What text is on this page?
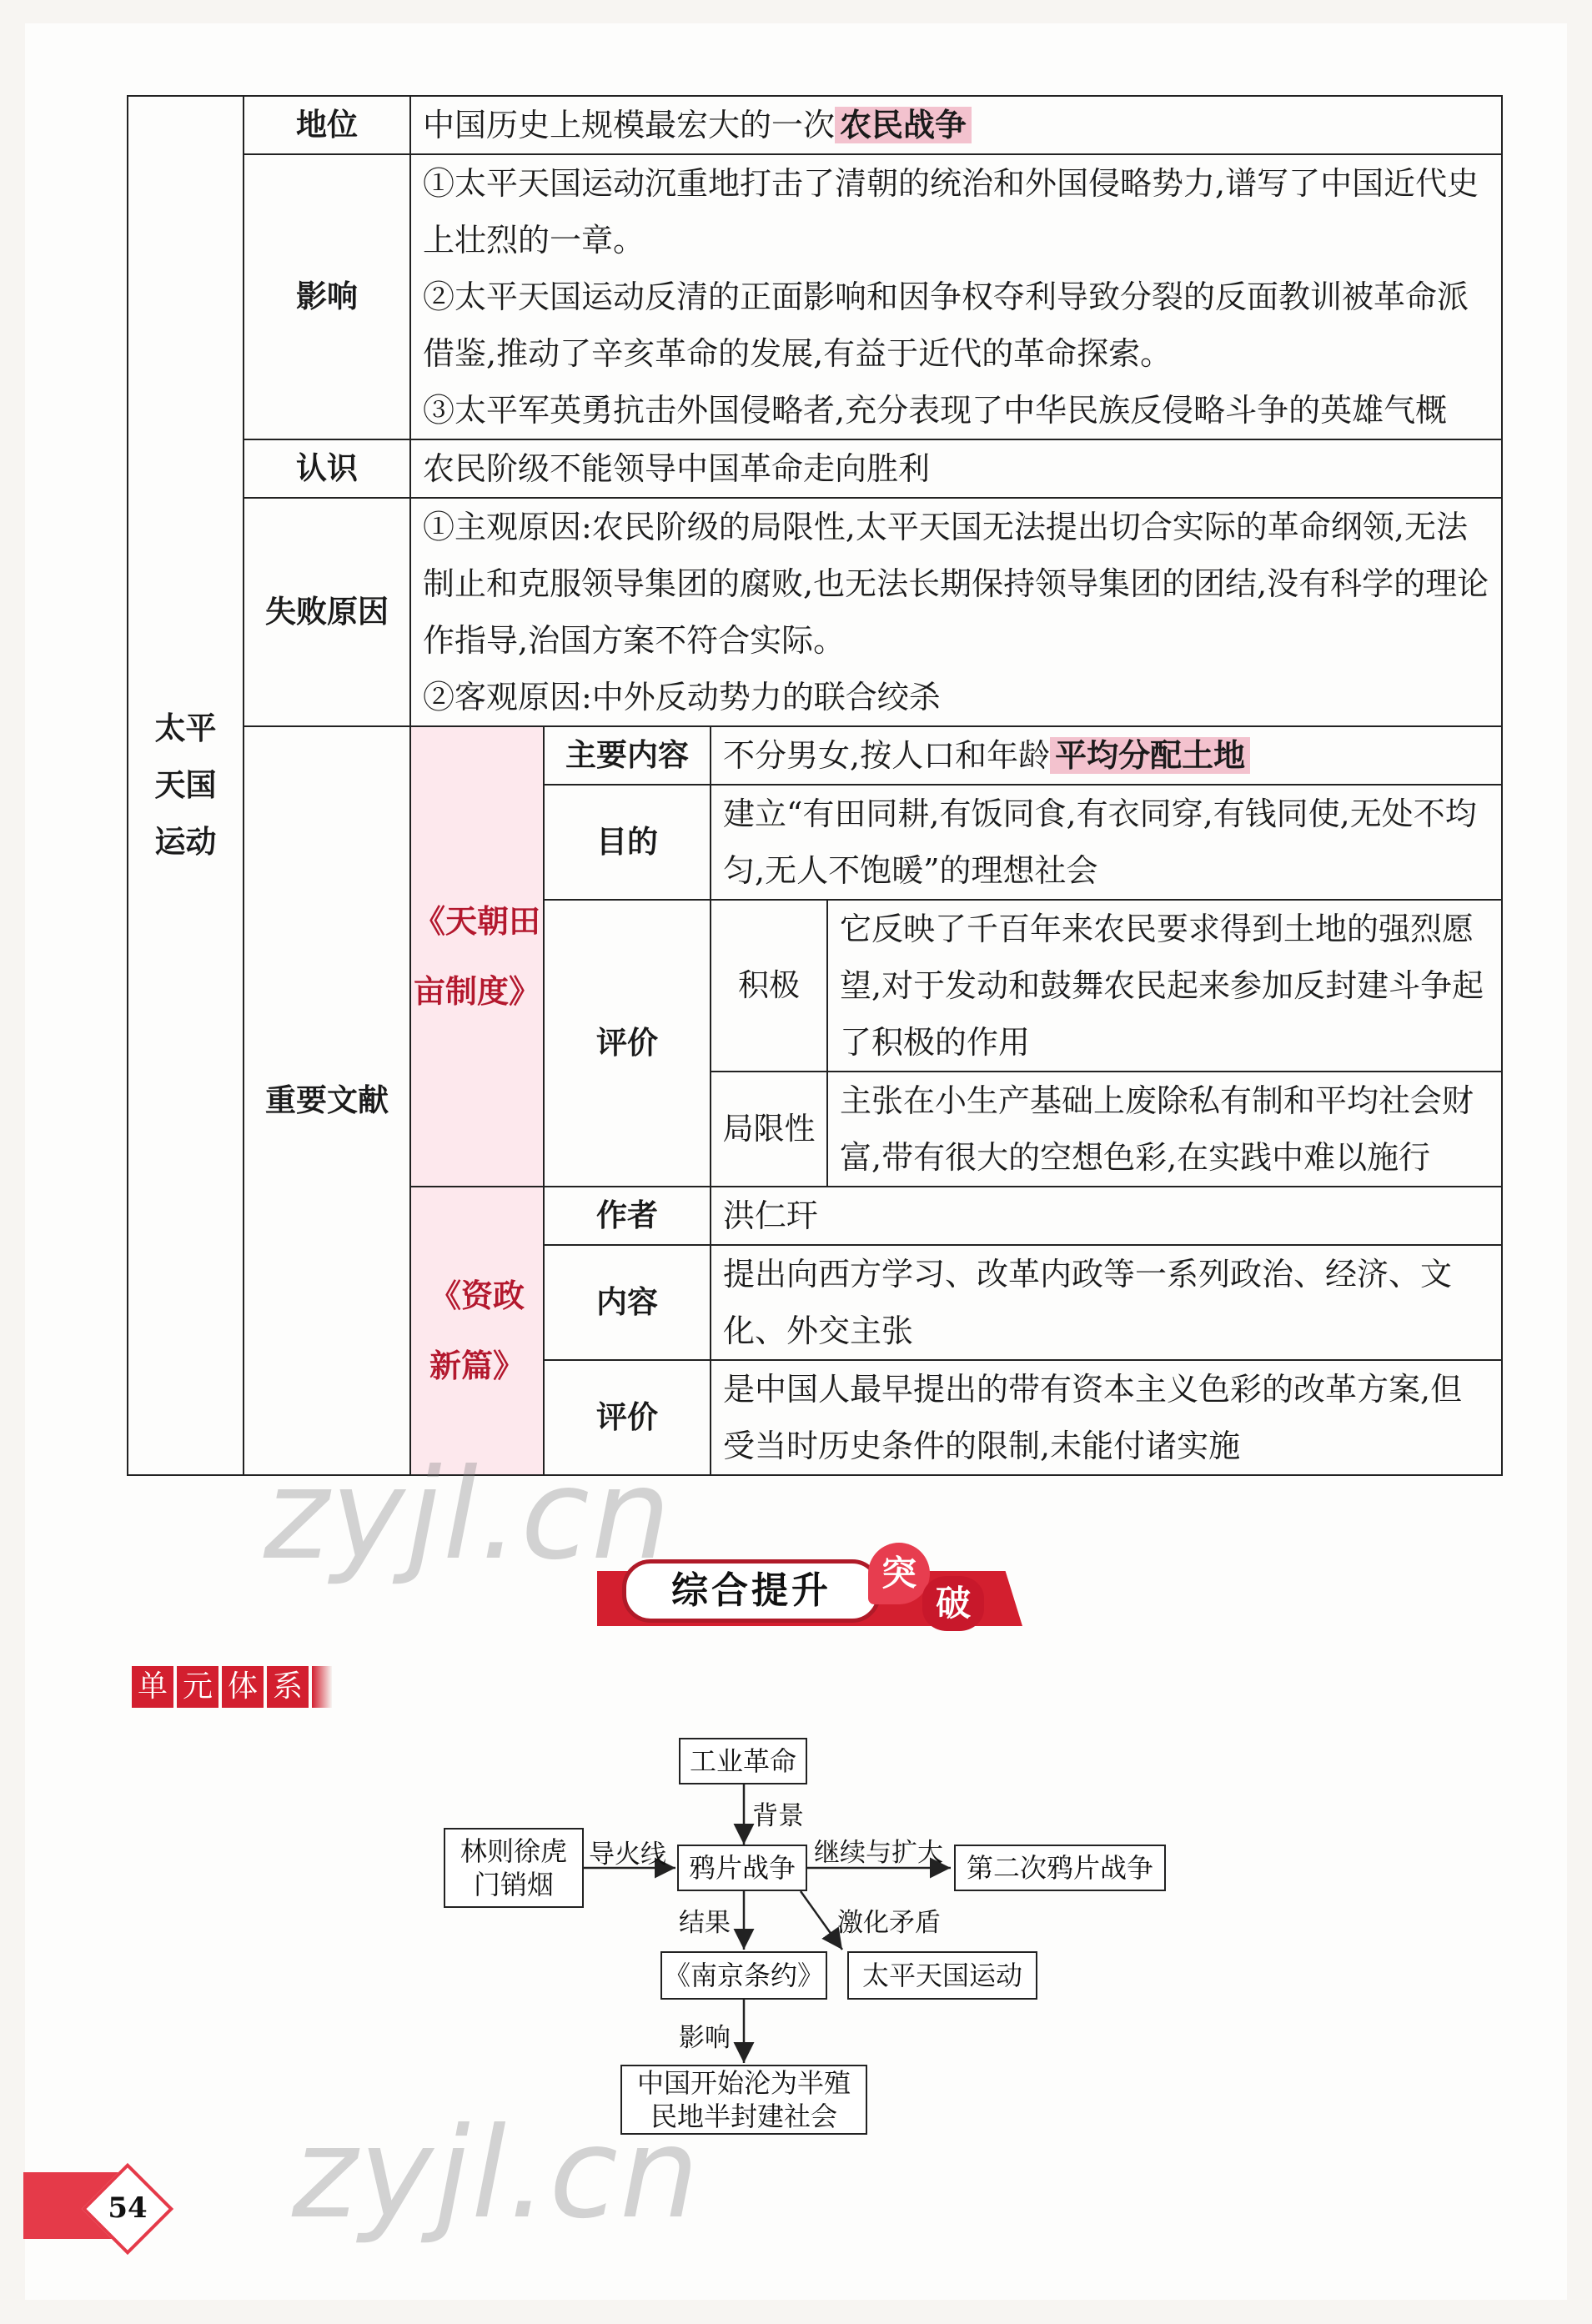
太平
天国
运动	地位	中国历史上规模最宏大的一次 农民战争			
	影响	①太平天国运动沉重地打击了清朝的统治和外国侵略势力,谱写了中国近代史上壮烈的一章。
②太平天国运动反清的正面影响和因争权夺利导致分裂的反面教训被革命派借鉴,推动了辛亥革命的发展,有益于近代的革命探索。
③太平军英勇抗击外国侵略者,充分表现了中华民族反侵略斗争的英雄气概			

	认识	农民阶级不能领导中国革命走向胜利			
	失败原因	①主观原因:农民阶级的局限性,太平天国无法提出切合实际的革命纲领,无法制止和克服领导集团的腐败,也无法长期保持领导集团的团结,没有科学的理论作指导,治国方案不符合实际。
②客观原因:中外反动势力的联合绞杀			

	重要文献	《天朝田
亩制度》	主要内容	不分男女,按人口和年龄 平均分配土地	
			目的	建立“有田同耕,有饭同食,有衣同穿,有钱同使,无处不均匀,无人不饱暖”的理想社会	
			评价	积极	它反映了千百年来农民要求得到土地的强烈愿望,对于发动和鼓舞农民起来参加反封建斗争起了积极的作用

				局限性	主张在小生产基础上废除私有制和平均社会财富,带有很大的空想色彩,在实践中难以施行

		《资政
新篇》	作者	洪仁玕	
			内容	提出向西方学习、改革内政等一系列政治、经济、文化、外交主张	
			评价	是中国人最早提出的带有资本主义色彩的改革方案,但受当时历史条件的限制,未能付诸实施	
综合提升	突
破
单 元 体 系
工业革命
林则徐虎
门销烟
鸦片战争	第二次鸦片战争
《南京条约》	太平天国运动
中国开始沦为半殖
民地半封建社会
背景
导火线	继续与扩大
结果	激化矛盾
影响
zyjl.cn
zyjl.cn
54
